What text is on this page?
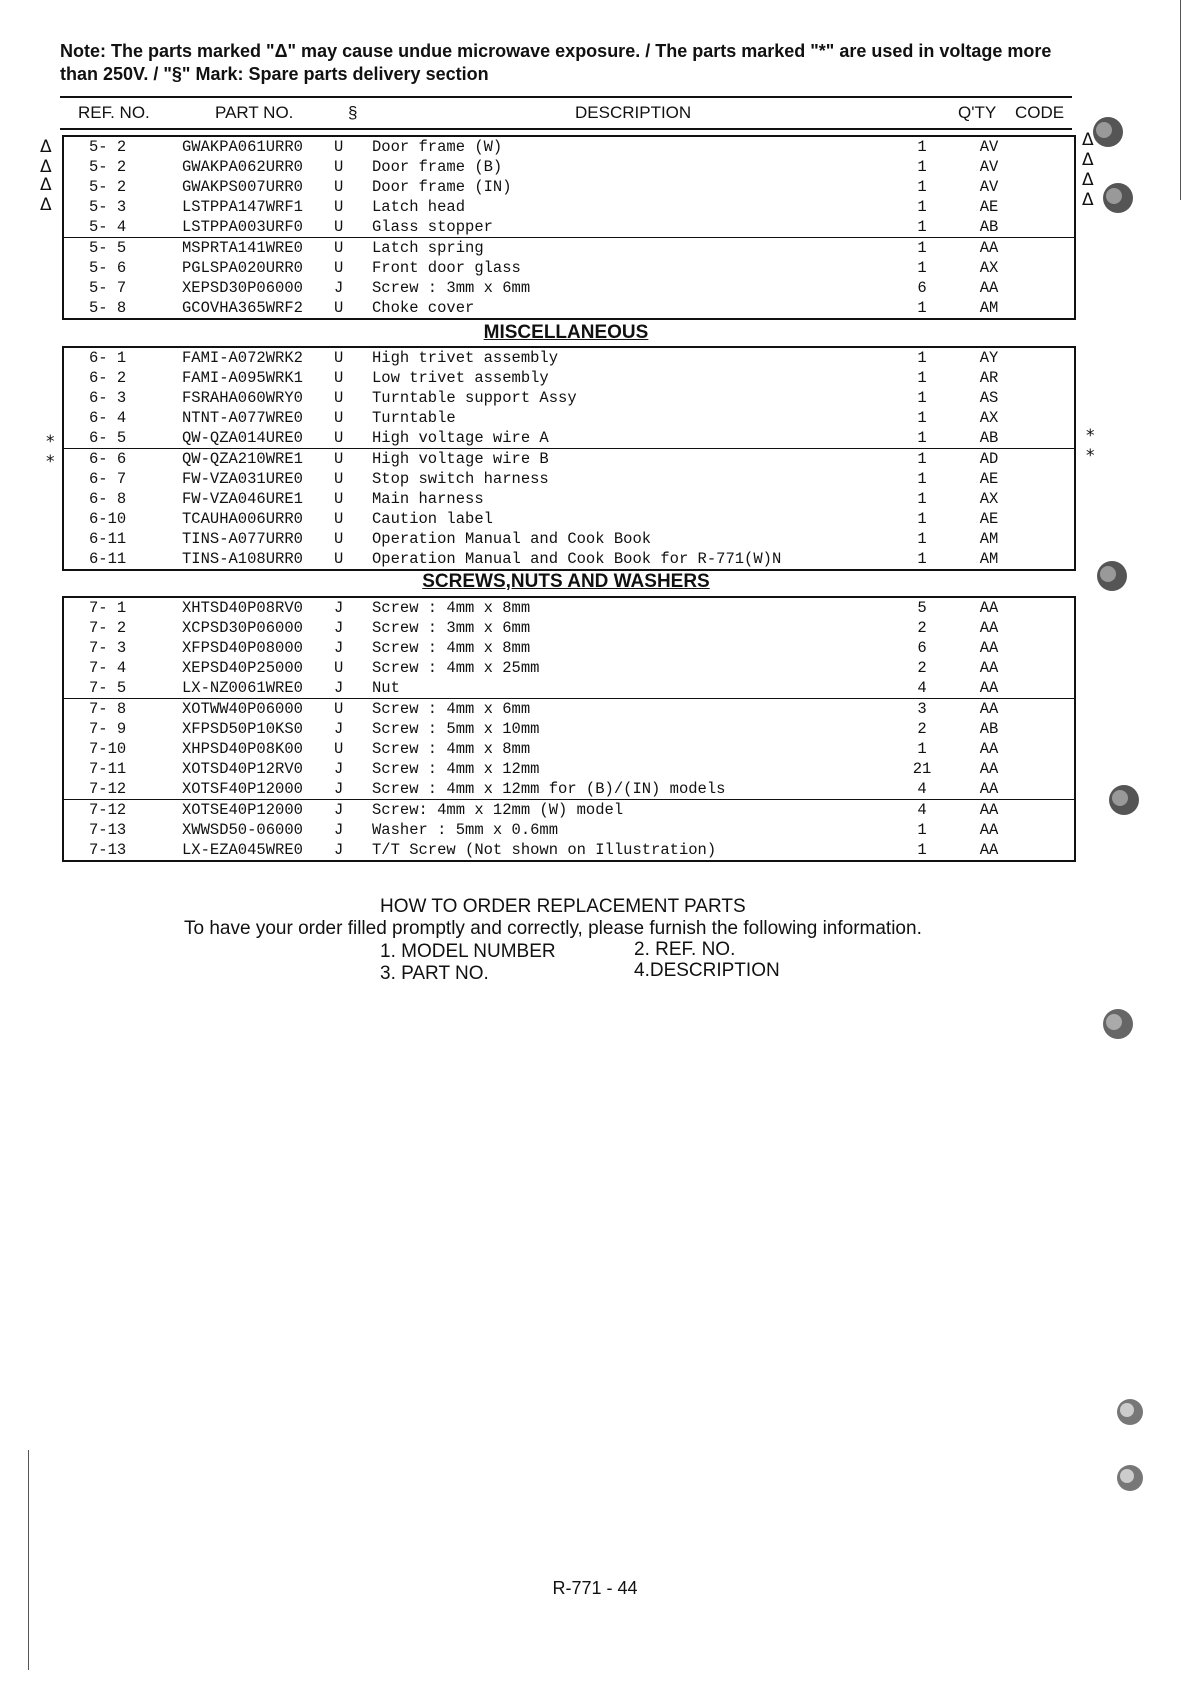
Note: The parts marked "Δ" may cause undue microwave exposure. / The parts marked "*" are used in voltage more than 250V. / "§" Mark: Spare parts delivery section
REF. NO.	PART NO.	§	DESCRIPTION	Q'TY CODE
5- 2	GWAKPA061URR0 U Door frame (W)	1	AV
5- 2	GWAKPA062URR0 U Door frame (B)	1	AV
5- 2	GWAKPS007URR0 U Door frame (IN)	1	AV
5- 3	LSTPPA147WRF1 U Latch head	1	AE
5- 4	LSTPPA003URF0 U Glass stopper	1	AB
5- 5	MSPRTA141WRE0 U Latch spring	1	AA
5- 6	PGLSPA020URR0 U Front door glass	1	AX
5- 7	XEPSD30P06000 J Screw : 3mm x 6mm	6	AA
5- 8	GCOVHA365WRF2 U Choke cover	1	AM
MISCELLANEOUS
6- 1	FAMI-A072WRK2 U High trivet assembly	1	AY
6- 2	FAMI-A095WRK1 U Low trivet assembly	1	AR
6- 3	FSRAHA060WRY0 U Turntable support Assy	1	AS
6- 4	NTNT-A077WRE0 U Turntable	1	AX
6- 5	QW-QZA014URE0 U High voltage wire A	1	AB
6- 6	QW-QZA210WRE1 U High voltage wire B	1	AD
6- 7	FW-VZA031URE0 U Stop switch harness	1	AE
6- 8	FW-VZA046URE1 U Main harness	1	AX
6-10	TCAUHA006URR0 U Caution label	1	AE
6-11	TINS-A077URR0 U Operation Manual and Cook Book	1	AM
6-11	TINS-A108URR0 U Operation Manual and Cook Book for R-771(W)N	1	AM
SCREWS,NUTS AND WASHERS
7- 1	XHTSD40P08RV0 J Screw : 4mm x 8mm	5	AA
7- 2	XCPSD30P06000 J Screw : 3mm x 6mm	2	AA
7- 3	XFPSD40P08000 J Screw : 4mm x 8mm	6	AA
7- 4	XEPSD40P25000 U Screw : 4mm x 25mm	2	AA
7- 5	LX-NZ0061WRE0 J Nut	4	AA
7- 8	XOTWW40P06000 U Screw : 4mm x 6mm	3	AA
7- 9	XFPSD50P10KS0 J Screw : 5mm x 10mm	2	AB
7-10	XHPSD40P08K00 U Screw : 4mm x 8mm	1	AA
7-11	XOTSD40P12RV0 J Screw : 4mm x 12mm	21	AA
7-12	XOTSF40P12000 J Screw : 4mm x 12mm for (B)/(IN) models	4	AA
7-12	XOTSE40P12000 J Screw: 4mm x 12mm (W) model	4	AA
7-13	XWWSD50-06000 J Washer : 5mm x 0.6mm	1	AA
7-13	LX-EZA045WRE0 J T/T Screw (Not shown on Illustration)	1	AA
Δ
Δ
Δ
Δ
Δ
Δ
Δ
Δ
*
*
*
*
HOW TO ORDER REPLACEMENT PARTS
To have your order filled promptly and correctly, please furnish the following information.
1. MODEL NUMBER	2. REF. NO.
3. PART NO.	4.DESCRIPTION
R-771 - 44
